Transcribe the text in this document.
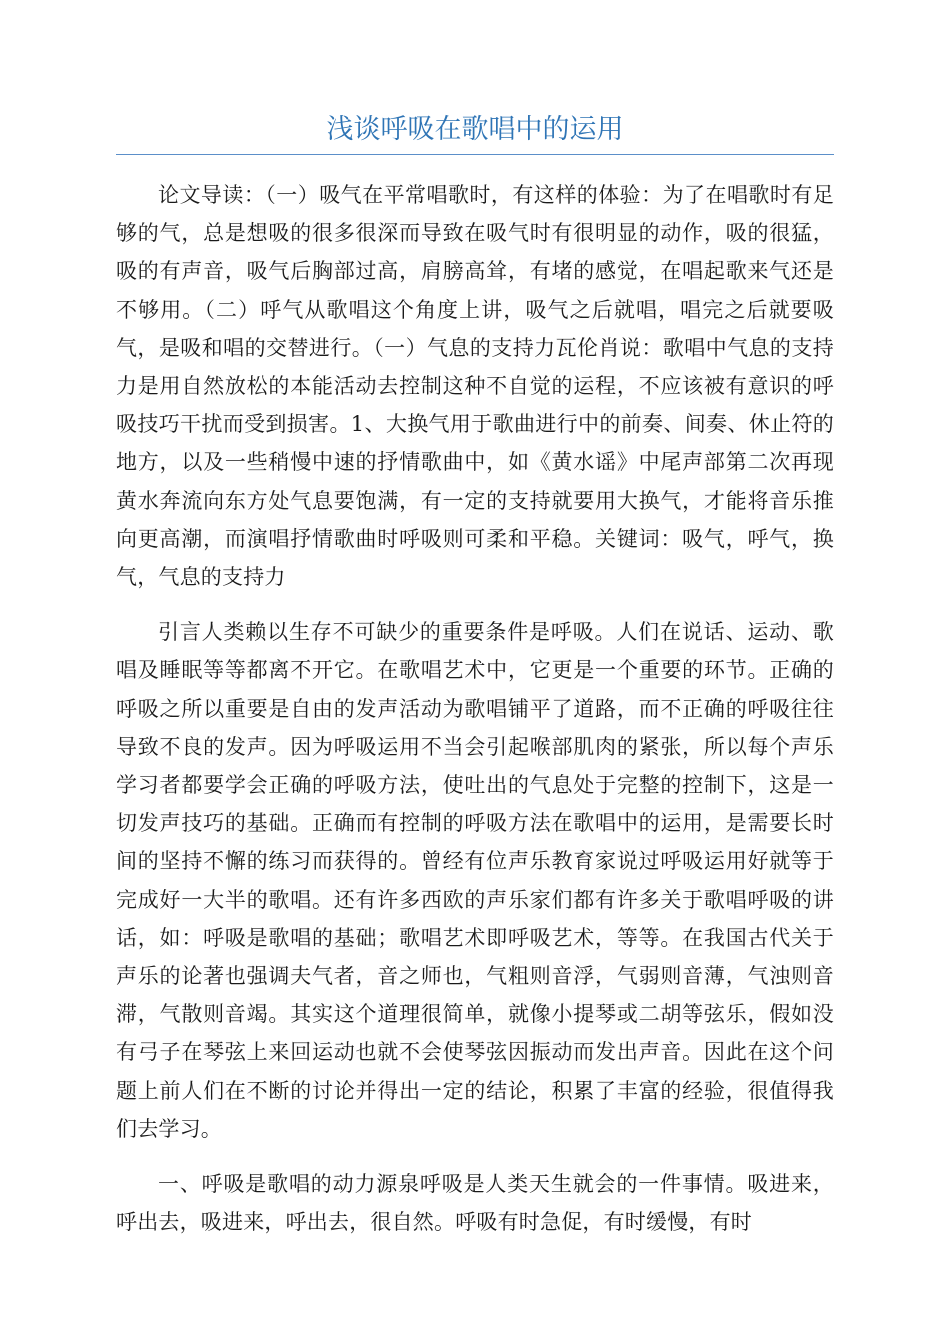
浅谈呼吸在歌唱中的运用

论文导读：（一）吸气在平常唱歌时，有这样的体验：为了在唱歌时有足够的气，总是想吸的很多很深而导致在吸气时有很明显的动作，吸的很猛，吸的有声音，吸气后胸部过高，肩膀高耸，有堵的感觉，在唱起歌来气还是不够用。（二）呼气从歌唱这个角度上讲，吸气之后就唱，唱完之后就要吸气，是吸和唱的交替进行。（一）气息的支持力瓦伦肖说：歌唱中气息的支持力是用自然放松的本能活动去控制这种不自觉的运程，不应该被有意识的呼吸技巧干扰而受到损害。1、大换气用于歌曲进行中的前奏、间奏、休止符的地方，以及一些稍慢中速的抒情歌曲中，如《黄水谣》中尾声部第二次再现黄水奔流向东方处气息要饱满，有一定的支持就要用大换气，才能将音乐推向更高潮，而演唱抒情歌曲时呼吸则可柔和平稳。关键词：吸气，呼气，换气，气息的支持力

引言人类赖以生存不可缺少的重要条件是呼吸。人们在说话、运动、歌唱及睡眠等等都离不开它。在歌唱艺术中，它更是一个重要的环节。正确的呼吸之所以重要是自由的发声活动为歌唱铺平了道路，而不正确的呼吸往往导致不良的发声。因为呼吸运用不当会引起喉部肌肉的紧张，所以每个声乐学习者都要学会正确的呼吸方法，使吐出的气息处于完整的控制下，这是一切发声技巧的基础。正确而有控制的呼吸方法在歌唱中的运用，是需要长时间的坚持不懈的练习而获得的。曾经有位声乐教育家说过呼吸运用好就等于完成好一大半的歌唱。还有许多西欧的声乐家们都有许多关于歌唱呼吸的讲话，如：呼吸是歌唱的基础；歌唱艺术即呼吸艺术，等等。在我国古代关于声乐的论著也强调夫气者，音之师也，气粗则音浮，气弱则音薄，气浊则音滞，气散则音竭。其实这个道理很简单，就像小提琴或二胡等弦乐，假如没有弓子在琴弦上来回运动也就不会使琴弦因振动而发出声音。因此在这个问题上前人们在不断的讨论并得出一定的结论，积累了丰富的经验，很值得我们去学习。

一、呼吸是歌唱的动力源泉呼吸是人类天生就会的一件事情。吸进来，呼出去，吸进来，呼出去，很自然。呼吸有时急促，有时缓慢，有时
